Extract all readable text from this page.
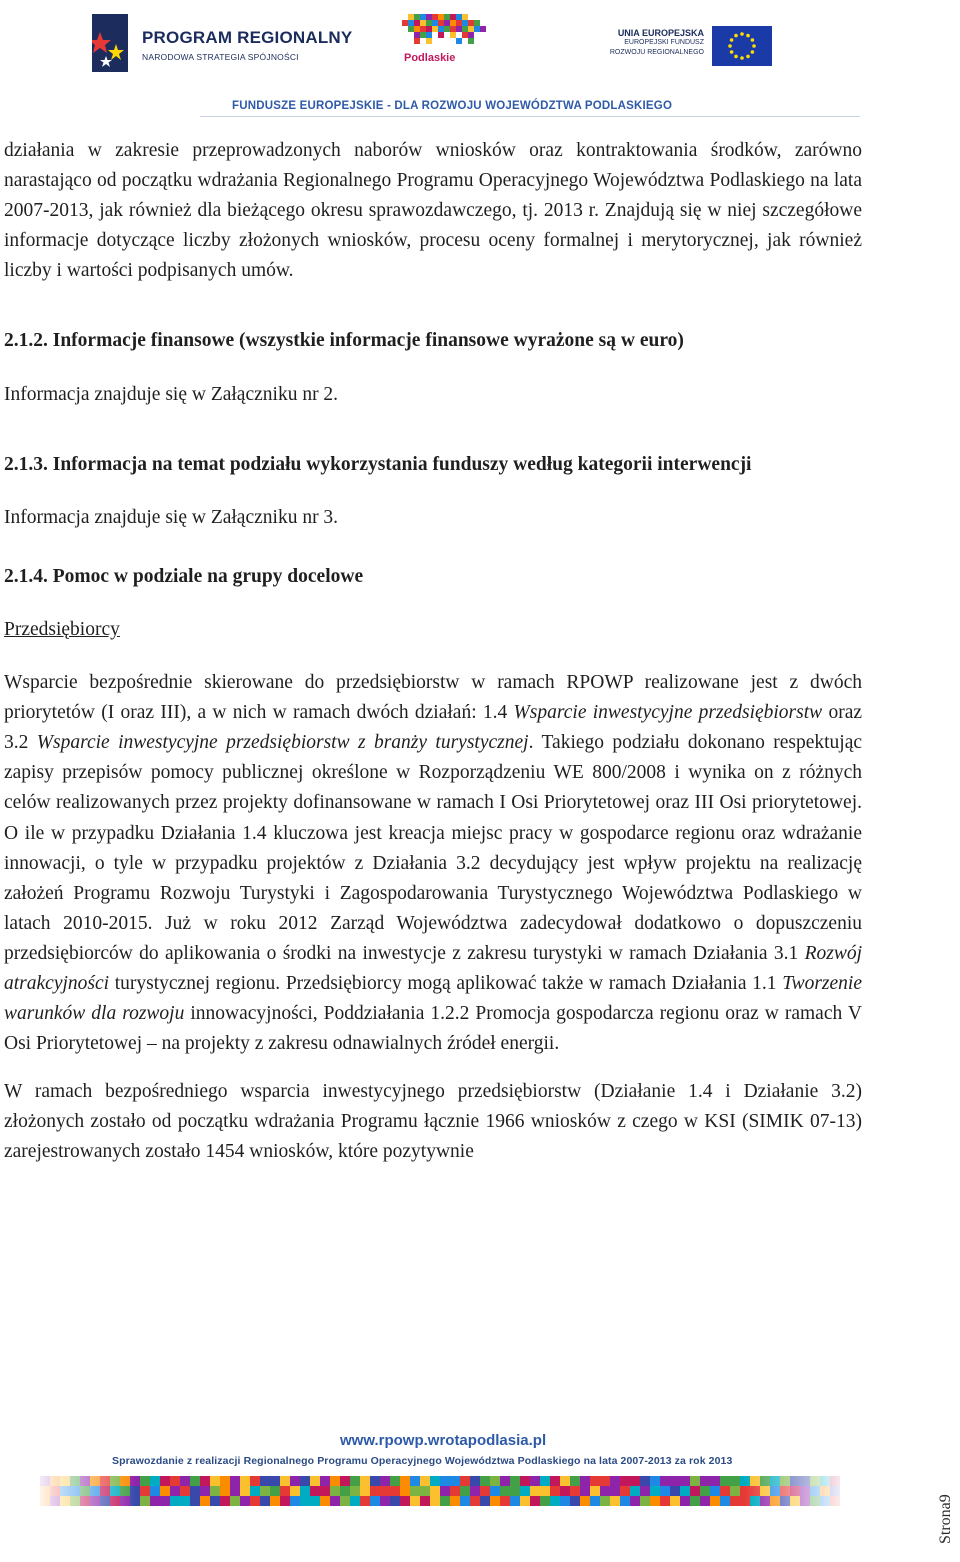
PROGRAM REGIONALNY
NARODOWA STRATEGIA SPÓJNOŚCI	Podlaskie
UNIA EUROPEJSKA
EUROPEJSKI FUNDUSZ
ROZWOJU REGIONALNEGO
FUNDUSZE EUROPEJSKIE - DLA ROZWOJU WOJEWÓDZTWA PODLASKIEGO

działania w zakresie przeprowadzonych naborów wniosków oraz kontraktowania środków, zarówno narastająco od początku wdrażania Regionalnego Programu Operacyjnego Województwa Podlaskiego na lata 2007-2013, jak również dla bieżącego okresu sprawozdawczego, tj. 2013 r. Znajdują się w niej szczegółowe informacje dotyczące liczby złożonych wniosków, procesu oceny formalnej i merytorycznej, jak również liczby i wartości podpisanych umów.

2.1.2. Informacje finansowe (wszystkie informacje finansowe wyrażone są w euro)

Informacja znajduje się w Załączniku nr 2.

2.1.3. Informacja na temat podziału wykorzystania funduszy według kategorii interwencji

Informacja znajduje się w Załączniku nr 3.

2.1.4. Pomoc w podziale na grupy docelowe

Przedsiębiorcy

Wsparcie bezpośrednie skierowane do przedsiębiorstw w ramach RPOWP realizowane jest z dwóch priorytetów (I oraz III), a w nich w ramach dwóch działań: 1.4 Wsparcie inwestycyjne przedsiębiorstw oraz 3.2 Wsparcie inwestycyjne przedsiębiorstw z branży turystycznej. Takiego podziału dokonano respektując zapisy przepisów pomocy publicznej określone w Rozporządzeniu WE 800/2008 i wynika on z różnych celów realizowanych przez projekty dofinansowane w ramach I Osi Priorytetowej oraz III Osi priorytetowej. O ile w przypadku Działania 1.4 kluczowa jest kreacja miejsc pracy w gospodarce regionu oraz wdrażanie innowacji, o tyle w przypadku projektów z Działania 3.2 decydujący jest wpływ projektu na realizację założeń Programu Rozwoju Turystyki i Zagospodarowania Turystycznego Województwa Podlaskiego w latach 2010-2015. Już w roku 2012 Zarząd Województwa zadecydował dodatkowo o dopuszczeniu przedsiębiorców do aplikowania o środki na inwestycje z zakresu turystyki w ramach Działania 3.1 Rozwój atrakcyjności turystycznej regionu. Przedsiębiorcy mogą aplikować także w ramach Działania 1.1 Tworzenie warunków dla rozwoju innowacyjności, Poddziałania 1.2.2 Promocja gospodarcza regionu oraz w ramach V Osi Priorytetowej – na projekty z zakresu odnawialnych źródeł energii.

W ramach bezpośredniego wsparcia inwestycyjnego przedsiębiorstw (Działanie 1.4 i Działanie 3.2) złożonych zostało od początku wdrażania Programu łącznie 1966 wniosków z czego w KSI (SIMIK 07-13) zarejestrowanych zostało 1454 wniosków, które pozytywnie

www.rpowp.wrotapodlasia.pl
Sprawozdanie z realizacji Regionalnego Programu Operacyjnego Województwa Podlaskiego na lata 2007-2013 za rok 2013
Strona9
